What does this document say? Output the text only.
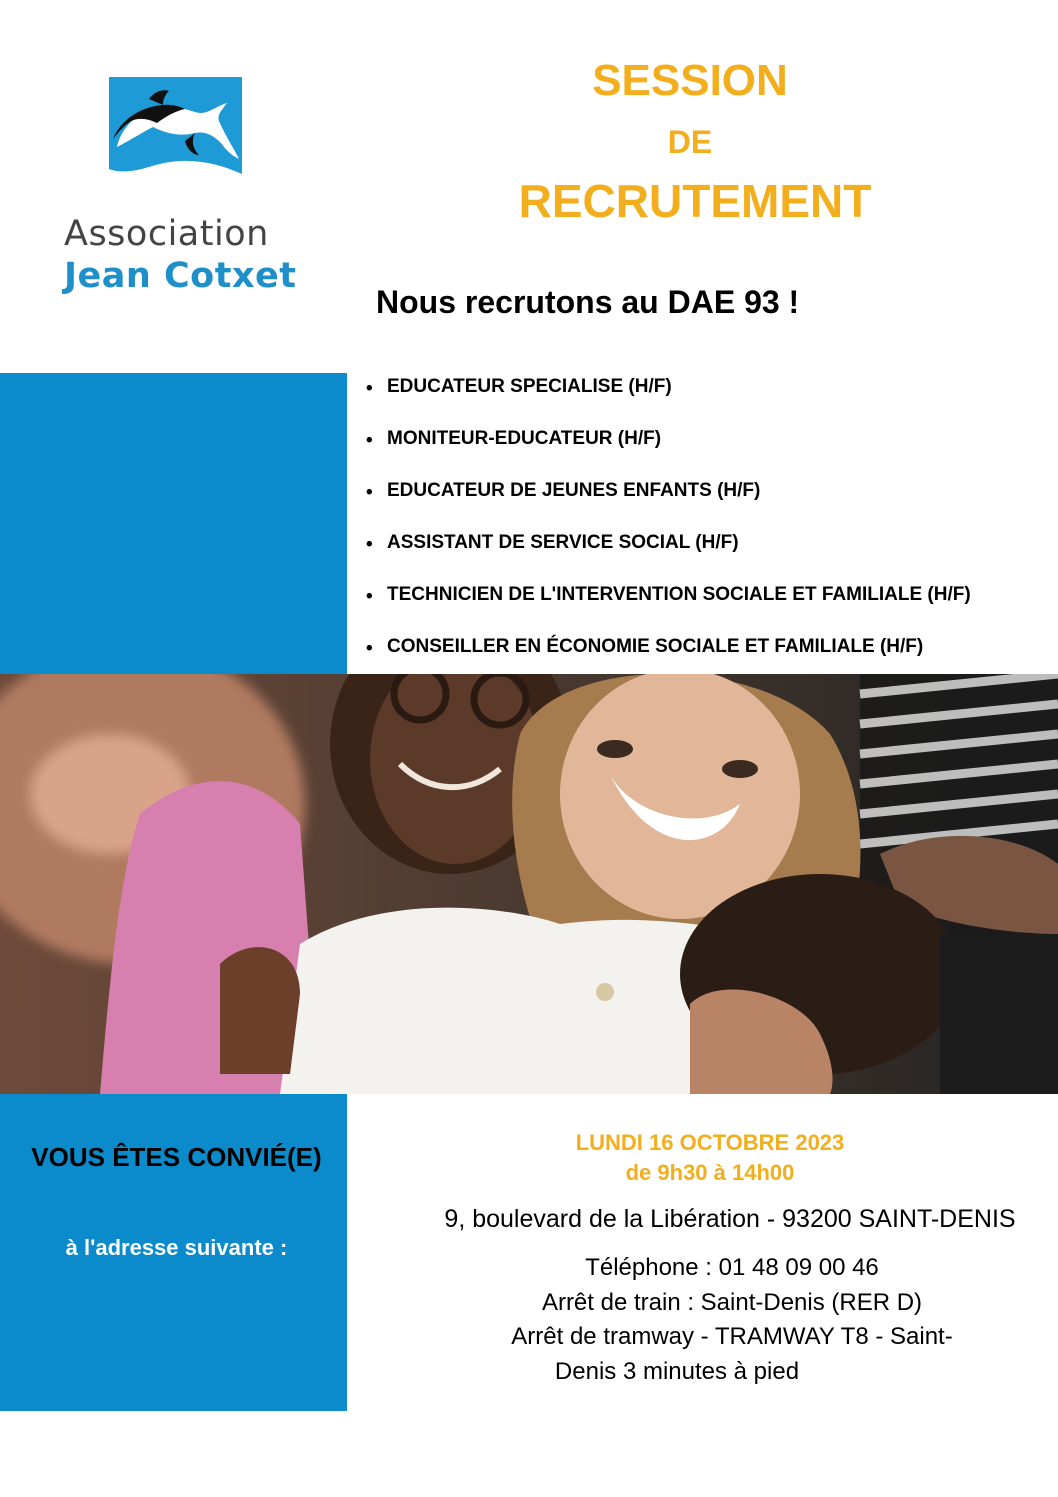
Association
Jean Cotxet
SESSION
DE
RECRUTEMENT
Nous recrutons au DAE 93 !
• EDUCATEUR SPECIALISE (H/F)
• MONITEUR-EDUCATEUR (H/F)
• EDUCATEUR DE JEUNES ENFANTS (H/F)
• ASSISTANT DE SERVICE SOCIAL (H/F)
• TECHNICIEN DE L'INTERVENTION SOCIALE ET FAMILIALE (H/F)
• CONSEILLER EN ÉCONOMIE SOCIALE ET FAMILIALE (H/F)
VOUS ÊTES CONVIÉ(E)
à l'adresse suivante :
LUNDI 16 OCTOBRE 2023
de 9h30 à 14h00
9, boulevard de la Libération - 93200 SAINT-DENIS
Téléphone : 01 48 09 00 46
Arrêt de train : Saint-Denis (RER D)
Arrêt de tramway - TRAMWAY T8 - Saint-
Denis 3 minutes à pied
